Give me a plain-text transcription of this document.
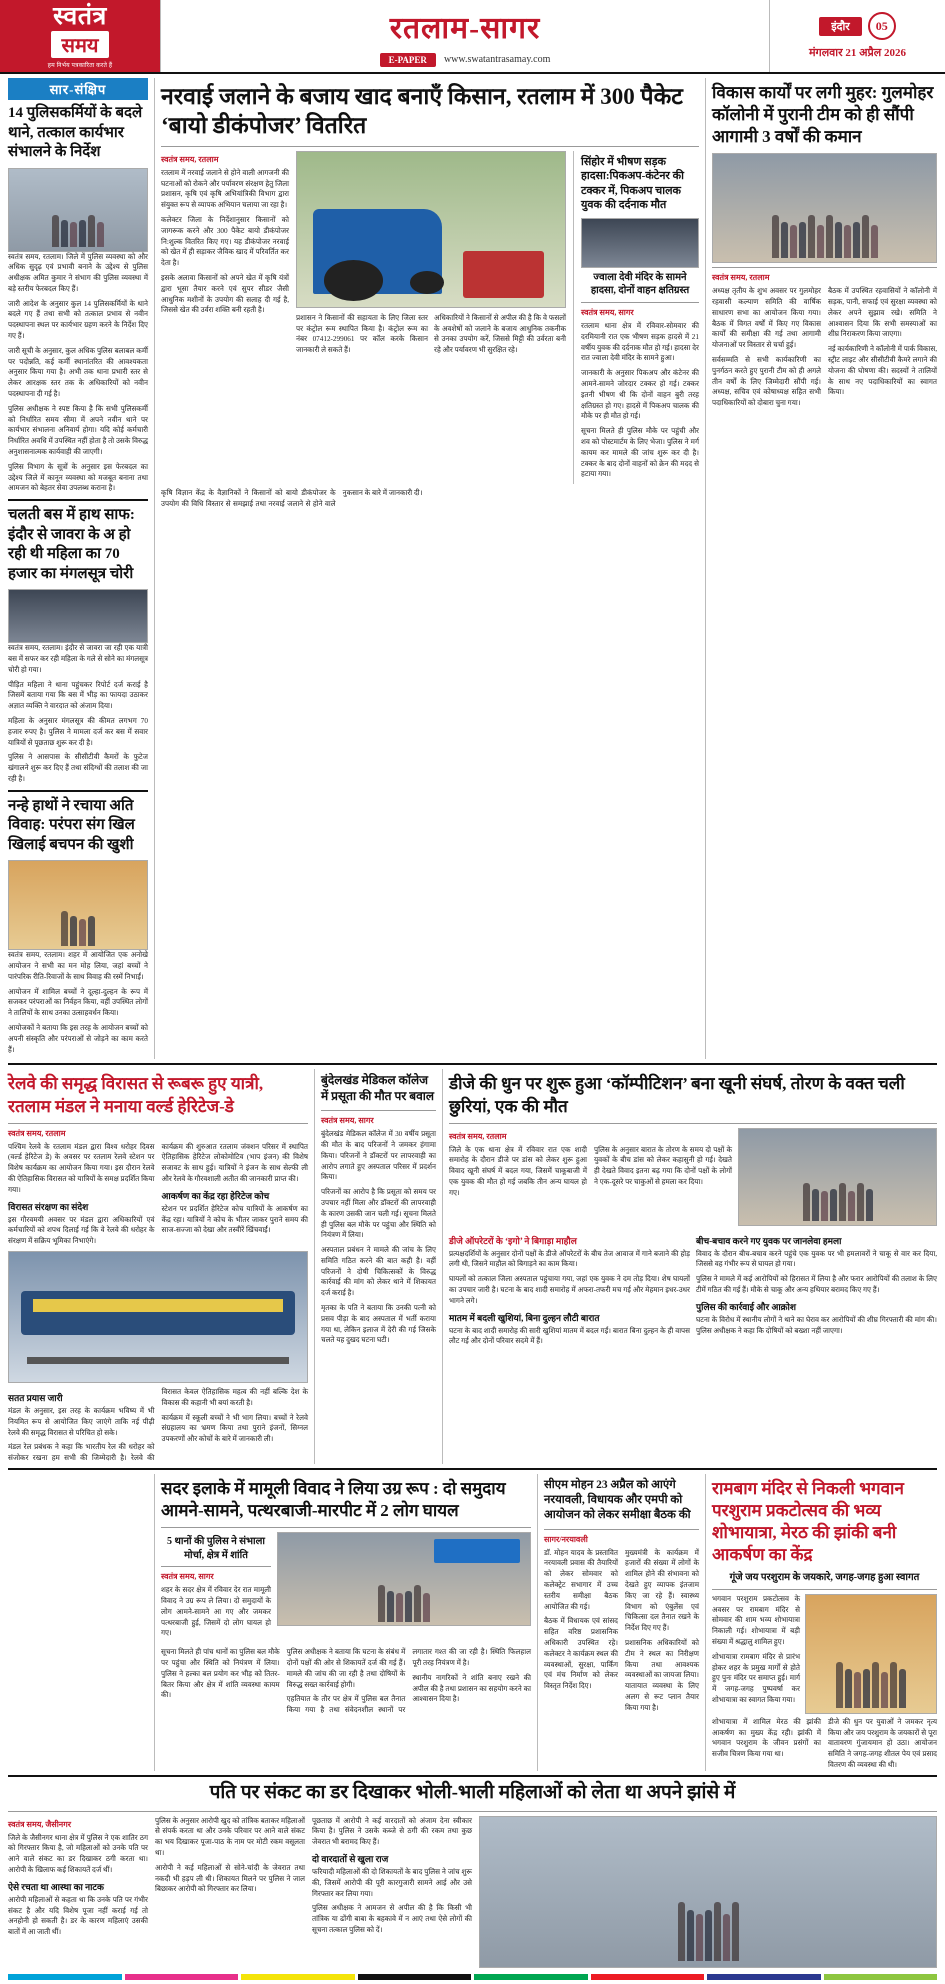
स्वतंत्र
समय
हम निर्भय पत्रकारिता करते हैं
रतलाम-सागर
E-PAPER	www.swatantrasamay.com
इंदौर	05
मंगलवार 21 अप्रैल 2026
सार-संक्षिप
14 पुलिसकर्मियों के बदले थाने, तत्काल कार्यभार संभालने के निर्देश

स्वतंत्र समय, रतलाम। जिले में पुलिस व्यवस्था को और अधिक सुदृढ़ एवं प्रभावी बनाने के उद्देश्य से पुलिस अधीक्षक अमित कुमार ने संभाग की पुलिस व्यवस्था में बड़े स्तरीय फेरबदल किए हैं।

जारी आदेश के अनुसार कुल 14 पुलिसकर्मियों के थाने बदले गए हैं तथा सभी को तत्काल प्रभाव से नवीन पदस्थापना स्थल पर कार्यभार ग्रहण करने के निर्देश दिए गए हैं।

जारी सूची के अनुसार, कुल अधिक पुलिस बलाबल कर्मी पर पदोन्नति, कई कर्मी स्थानांतरित की आवश्यकता अनुसार किया गया है। अभी तक थाना प्रभारी स्तर से लेकर आरक्षक स्तर तक के अधिकारियों को नवीन पदस्थापना दी गई है।

पुलिस अधीक्षक ने स्पष्ट किया है कि सभी पुलिसकर्मी को निर्धारित समय सीमा में अपने नवीन थाने पर कार्यभार संभालना अनिवार्य होगा। यदि कोई कर्मचारी निर्धारित अवधि में उपस्थित नहीं होता है तो उसके विरुद्ध अनुशासनात्मक कार्यवाही की जाएगी।

पुलिस विभाग के सूत्रों के अनुसार इस फेरबदल का उद्देश्य जिले में कानून व्यवस्था को मजबूत बनाना तथा आमजन को बेहतर सेवा उपलब्ध कराना है।

चलती बस में हाथ साफ: इंदौर से जावरा के अ हो रही थी महिला का 70 हजार का मंगलसूत्र चोरी

स्वतंत्र समय, रतलाम। इंदौर से जावरा जा रही एक यात्री बस में सफर कर रही महिला के गले से सोने का मंगलसूत्र चोरी हो गया।

पीड़ित महिला ने थाना पहुंचकर रिपोर्ट दर्ज कराई है जिसमें बताया गया कि बस में भीड़ का फायदा उठाकर अज्ञात व्यक्ति ने वारदात को अंजाम दिया।

महिला के अनुसार मंगलसूत्र की कीमत लगभग 70 हजार रुपए है। पुलिस ने मामला दर्ज कर बस में सवार यात्रियों से पूछताछ शुरू कर दी है।

पुलिस ने आसपास के सीसीटीवी कैमरों के फुटेज खंगालने शुरू कर दिए हैं तथा संदिग्धों की तलाश की जा रही है।

नन्हे हाथों ने रचाया अति विवाह: परंपरा संग खिल खिलाई बचपन की खुशी

स्वतंत्र समय, रतलाम। शहर में आयोजित एक अनोखे आयोजन ने सभी का मन मोह लिया, जहां बच्चों ने पारंपरिक रीति-रिवाजों के साथ विवाह की रस्में निभाईं।

आयोजन में शामिल बच्चों ने दूल्हा-दुल्हन के रूप में सजकर परंपराओं का निर्वहन किया, वहीं उपस्थित लोगों ने तालियों के साथ उनका उत्साहवर्धन किया।

आयोजकों ने बताया कि इस तरह के आयोजन बच्चों को अपनी संस्कृति और परंपराओं से जोड़ने का काम करते हैं।

नरवाई जलाने के बजाय खाद बनाएँ किसान, रतलाम में 300 पैकेट ‘बायो डीकंपोजर’ वितरित
स्वतंत्र समय, रतलाम

रतलाम में नरवाई जलाने से होने वाली आगजनी की घटनाओं को रोकने और पर्यावरण संरक्षण हेतु जिला प्रशासन, कृषि एवं कृषि अभियांत्रिकी विभाग द्वारा संयुक्त रूप से व्यापक अभियान चलाया जा रहा है।

कलेक्टर जिला के निर्देशानुसार किसानों को जागरूक करने और 300 पैकेट बायो डीकंपोजर नि:शुल्क वितरित किए गए। यह डीकंपोजर नरवाई को खेत में ही सड़ाकर जैविक खाद में परिवर्तित कर देता है।

इसके अलावा किसानों को अपने खेत में कृषि यंत्रों द्वारा भूसा तैयार करने एवं सुपर सीडर जैसी आधुनिक मशीनों के उपयोग की सलाह दी गई है, जिससे खेत की उर्वरा शक्ति बनी रहती है।

प्रशासन ने किसानों की सहायता के लिए जिला स्तर पर कंट्रोल रूम स्थापित किया है। कंट्रोल रूम का नंबर 07412-299061 पर कॉल करके किसान जानकारी ले सकते हैं।

अधिकारियों ने किसानों से अपील की है कि वे फसलों के अवशेषों को जलाने के बजाय आधुनिक तकनीक से उनका उपयोग करें, जिससे मिट्टी की उर्वरता बनी रहे और पर्यावरण भी सुरक्षित रहे।

सिंहोर में भीषण सड़क हादसा:पिकअप-कंटेनर की टक्कर में, पिकअप चालक युवक की दर्दनाक मौत
ज्वाला देवी मंदिर के सामने हादसा, दोनों वाहन क्षतिग्रस्त
स्वतंत्र समय, सागर

रतलाम थाना क्षेत्र में रविवार-सोमवार की दरमियानी रात एक भीषण सड़क हादसे में 21 वर्षीय युवक की दर्दनाक मौत हो गई। हादसा देर रात ज्वाला देवी मंदिर के सामने हुआ।

जानकारी के अनुसार पिकअप और कंटेनर की आमने-सामने जोरदार टक्कर हो गई। टक्कर इतनी भीषण थी कि दोनों वाहन बुरी तरह क्षतिग्रस्त हो गए। हादसे में पिकअप चालक की मौके पर ही मौत हो गई।

सूचना मिलते ही पुलिस मौके पर पहुंची और शव को पोस्टमार्टम के लिए भेजा। पुलिस ने मर्ग कायम कर मामले की जांच शुरू कर दी है। टक्कर के बाद दोनों वाहनों को क्रेन की मदद से हटाया गया।

कृषि विज्ञान केंद्र के वैज्ञानिकों ने किसानों को बायो डीकंपोजर के उपयोग की विधि विस्तार से समझाई तथा नरवाई जलाने से होने वाले नुकसान के बारे में जानकारी दी।

विकास कार्यों पर लगी मुहर: गुलमोहर कॉलोनी में पुरानी टीम को ही सौंपी आगामी 3 वर्षों की कमान
स्वतंत्र समय, रतलाम

अध्यक्ष तृतीय के शुभ अवसर पर गुलमोहर रहवासी कल्याण समिति की वार्षिक साधारण सभा का आयोजन किया गया। बैठक में विगत वर्षों में किए गए विकास कार्यों की समीक्षा की गई तथा आगामी योजनाओं पर विस्तार से चर्चा हुई।

सर्वसम्मति से सभी कार्यकारिणी का पुनर्गठन करते हुए पुरानी टीम को ही अगले तीन वर्षों के लिए जिम्मेदारी सौंपी गई। अध्यक्ष, सचिव एवं कोषाध्यक्ष सहित सभी पदाधिकारियों को दोबारा चुना गया।

बैठक में उपस्थित रहवासियों ने कॉलोनी में सड़क, पानी, सफाई एवं सुरक्षा व्यवस्था को लेकर अपने सुझाव रखे। समिति ने आश्वासन दिया कि सभी समस्याओं का शीघ्र निराकरण किया जाएगा।

नई कार्यकारिणी ने कॉलोनी में पार्क विकास, स्ट्रीट लाइट और सीसीटीवी कैमरे लगाने की योजना की घोषणा की। सदस्यों ने तालियों के साथ नए पदाधिकारियों का स्वागत किया।

रेलवे की समृद्ध विरासत से रूबरू हुए यात्री, रतलाम मंडल ने मनाया वर्ल्ड हेरिटेज-डे
स्वतंत्र समय, रतलाम

पश्चिम रेलवे के रतलाम मंडल द्वारा विश्व धरोहर दिवस (वर्ल्ड हेरिटेज डे) के अवसर पर रतलाम रेलवे स्टेशन पर विशेष कार्यक्रम का आयोजन किया गया। इस दौरान रेलवे की ऐतिहासिक विरासत को यात्रियों के समक्ष प्रदर्शित किया गया।

विरासत संरक्षण का संदेश

इस गौरवमयी अवसर पर मंडल द्वारा अधिकारियों एवं कर्मचारियों को शपथ दिलाई गई कि वे रेलवे की धरोहर के संरक्षण में सक्रिय भूमिका निभाएंगे।

कार्यक्रम की शुरुआत रतलाम जंक्शन परिसर में स्थापित ऐतिहासिक हेरिटेज लोकोमोटिव (भाप इंजन) की विशेष सजावट के साथ हुई। यात्रियों ने इंजन के साथ सेल्फी ली और रेलवे के गौरवशाली अतीत की जानकारी प्राप्त की।

आकर्षण का केंद्र रहा हेरिटेज कोच

स्टेशन पर प्रदर्शित हेरिटेज कोच यात्रियों के आकर्षण का केंद्र रहा। यात्रियों ने कोच के भीतर जाकर पुराने समय की साज-सज्जा को देखा और तस्वीरें खिंचवाईं।

सतत प्रयास जारी

मंडल के अनुसार, इस तरह के कार्यक्रम भविष्य में भी नियमित रूप से आयोजित किए जाएंगे ताकि नई पीढ़ी रेलवे की समृद्ध विरासत से परिचित हो सके।

मंडल रेल प्रबंधक ने कहा कि भारतीय रेल की धरोहर को संजोकर रखना हम सभी की जिम्मेदारी है। रेलवे की विरासत केवल ऐतिहासिक महत्व की नहीं बल्कि देश के विकास की कहानी भी बयां करती है।

कार्यक्रम में स्कूली बच्चों ने भी भाग लिया। बच्चों ने रेलवे संग्रहालय का भ्रमण किया तथा पुराने इंजनों, सिग्नल उपकरणों और कोचों के बारे में जानकारी ली।

बुंदेलखंड मेडिकल कॉलेज में प्रसूता की मौत पर बवाल
स्वतंत्र समय, सागर

बुंदेलखंड मेडिकल कॉलेज में 30 वर्षीय प्रसूता की मौत के बाद परिजनों ने जमकर हंगामा किया। परिजनों ने डॉक्टरों पर लापरवाही का आरोप लगाते हुए अस्पताल परिसर में प्रदर्शन किया।

परिजनों का आरोप है कि प्रसूता को समय पर उपचार नहीं मिला और डॉक्टरों की लापरवाही के कारण उसकी जान चली गई। सूचना मिलते ही पुलिस बल मौके पर पहुंचा और स्थिति को नियंत्रण में लिया।

अस्पताल प्रबंधन ने मामले की जांच के लिए समिति गठित करने की बात कही है। वहीं परिजनों ने दोषी चिकित्सकों के विरुद्ध कार्रवाई की मांग को लेकर थाने में शिकायत दर्ज कराई है।

मृतका के पति ने बताया कि उनकी पत्नी को प्रसव पीड़ा के बाद अस्पताल में भर्ती कराया गया था, लेकिन इलाज में देरी की गई जिसके चलते यह दुखद घटना घटी।

डीजे की धुन पर शुरू हुआ ‘कॉम्पीटिशन’ बना खूनी संघर्ष, तोरण के वक्त चली छुरियां, एक की मौत
स्वतंत्र समय, रतलाम

जिले के एक थाना क्षेत्र में रविवार रात एक शादी समारोह के दौरान डीजे पर डांस को लेकर शुरू हुआ विवाद खूनी संघर्ष में बदल गया, जिसमें चाकूबाजी में एक युवक की मौत हो गई जबकि तीन अन्य घायल हो गए।

पुलिस के अनुसार बारात के तोरण के समय दो पक्षों के युवकों के बीच डांस को लेकर कहासुनी हो गई। देखते ही देखते विवाद इतना बढ़ गया कि दोनों पक्षों के लोगों ने एक-दूसरे पर चाकुओं से हमला कर दिया।

डीजे ऑपरेटरों के ‘इगो’ ने बिगाड़ा माहौल

प्रत्यक्षदर्शियों के अनुसार दोनों पक्षों के डीजे ऑपरेटरों के बीच तेज आवाज में गाने बजाने की होड़ लगी थी, जिसने माहौल को बिगाड़ने का काम किया।

घायलों को तत्काल जिला अस्पताल पहुंचाया गया, जहां एक युवक ने दम तोड़ दिया। शेष घायलों का उपचार जारी है। घटना के बाद शादी समारोह में अफरा-तफरी मच गई और मेहमान इधर-उधर भागने लगे।

मातम में बदली खुशियां, बिना दुल्हन लौटी बारात

घटना के बाद शादी समारोह की सारी खुशियां मातम में बदल गईं। बारात बिना दुल्हन के ही वापस लौट गई और दोनों परिवार सदमे में हैं।

बीच-बचाव करने गए युवक पर जानलेवा हमला

विवाद के दौरान बीच-बचाव करने पहुंचे एक युवक पर भी हमलावरों ने चाकू से वार कर दिया, जिससे वह गंभीर रूप से घायल हो गया।

पुलिस ने मामले में कई आरोपियों को हिरासत में लिया है और फरार आरोपियों की तलाश के लिए टीमें गठित की गई हैं। मौके से चाकू और अन्य हथियार बरामद किए गए हैं।

पुलिस की कार्रवाई और आक्रोश

घटना के विरोध में स्थानीय लोगों ने थाने का घेराव कर आरोपियों की शीघ्र गिरफ्तारी की मांग की। पुलिस अधीक्षक ने कहा कि दोषियों को बख्शा नहीं जाएगा।

सदर इलाके में मामूली विवाद ने लिया उग्र रूप : दो समुदाय आमने-सामने, पत्थरबाजी-मारपीट में 2 लोग घायल
5 थानों की पुलिस ने संभाला मोर्चा, क्षेत्र में शांति
स्वतंत्र समय, सागर

शहर के सदर क्षेत्र में रविवार देर रात मामूली विवाद ने उग्र रूप ले लिया। दो समुदायों के लोग आमने-सामने आ गए और जमकर पत्थरबाजी हुई, जिसमें दो लोग घायल हो गए।

सूचना मिलते ही पांच थानों का पुलिस बल मौके पर पहुंचा और स्थिति को नियंत्रण में लिया। पुलिस ने हल्का बल प्रयोग कर भीड़ को तितर-बितर किया और क्षेत्र में शांति व्यवस्था कायम की।

पुलिस अधीक्षक ने बताया कि घटना के संबंध में दोनों पक्षों की ओर से शिकायतें दर्ज की गई हैं। मामले की जांच की जा रही है तथा दोषियों के विरुद्ध सख्त कार्रवाई होगी।

एहतियात के तौर पर क्षेत्र में पुलिस बल तैनात किया गया है तथा संवेदनशील स्थानों पर लगातार गश्त की जा रही है। स्थिति फिलहाल पूरी तरह नियंत्रण में है।

स्थानीय नागरिकों ने शांति बनाए रखने की अपील की है तथा प्रशासन का सहयोग करने का आश्वासन दिया है।

सीएम मोहन 23 अप्रैल को आएंगे नरयावली, विधायक और एमपी को आयोजन को लेकर समीक्षा बैठक की
सागर/नरयावली

डॉ. मोहन यादव के प्रस्तावित नरयावली प्रवास की तैयारियों को लेकर सोमवार को कलेक्ट्रेट सभागार में उच्च स्तरीय समीक्षा बैठक आयोजित की गई।

बैठक में विधायक एवं सांसद सहित वरिष्ठ प्रशासनिक अधिकारी उपस्थित रहे। कलेक्टर ने कार्यक्रम स्थल की व्यवस्थाओं, सुरक्षा, पार्किंग एवं मंच निर्माण को लेकर विस्तृत निर्देश दिए।

मुख्यमंत्री के कार्यक्रम में हजारों की संख्या में लोगों के शामिल होने की संभावना को देखते हुए व्यापक इंतजाम किए जा रहे हैं। स्वास्थ्य विभाग को एंबुलेंस एवं चिकित्सा दल तैनात रखने के निर्देश दिए गए हैं।

प्रशासनिक अधिकारियों को टीम ने स्थल का निरीक्षण किया तथा आवश्यक व्यवस्थाओं का जायजा लिया। यातायात व्यवस्था के लिए अलग से रूट प्लान तैयार किया गया है।

रामबाग मंदिर से निकली भगवान परशुराम प्रकटोत्सव की भव्य शोभायात्रा, मेरठ की झांकी बनी आकर्षण का केंद्र
गूंजे जय परशुराम के जयकारे, जगह-जगह हुआ स्वागत

भगवान परशुराम प्रकटोत्सव के अवसर पर रामबाग मंदिर से सोमवार की शाम भव्य शोभायात्रा निकाली गई। शोभायात्रा में बड़ी संख्या में श्रद्धालु शामिल हुए।

शोभायात्रा रामबाग मंदिर से प्रारंभ होकर शहर के प्रमुख मार्गों से होते हुए पुनः मंदिर पर समाप्त हुई। मार्ग में जगह-जगह पुष्पवर्षा कर शोभायात्रा का स्वागत किया गया।

शोभायात्रा में शामिल मेरठ की झांकी आकर्षण का मुख्य केंद्र रही। झांकी में भगवान परशुराम के जीवन प्रसंगों का सजीव चित्रण किया गया था।

डीजे की धुन पर युवाओं ने जमकर नृत्य किया और जय परशुराम के जयकारों से पूरा वातावरण गुंजायमान हो उठा। आयोजन समिति ने जगह-जगह शीतल पेय एवं प्रसाद वितरण की व्यवस्था की थी।

पति पर संकट का डर दिखाकर भोली-भाली महिलाओं को लेता था अपने झांसे में
स्वतंत्र समय, जैसीनगर

जिले के जैसीनगर थाना क्षेत्र में पुलिस ने एक शातिर ठग को गिरफ्तार किया है, जो महिलाओं को उनके पति पर आने वाले संकट का डर दिखाकर ठगी करता था। आरोपी के खिलाफ कई शिकायतें दर्ज थीं।

ऐसे रचता था आस्था का नाटक

आरोपी महिलाओं से कहता था कि उनके पति पर गंभीर संकट है और यदि विशेष पूजा नहीं कराई गई तो अनहोनी हो सकती है। डर के कारण महिलाएं उसकी बातों में आ जाती थीं।

पुलिस के अनुसार आरोपी खुद को तांत्रिक बताकर महिलाओं से संपर्क करता था और उनके परिवार पर आने वाले संकट का भय दिखाकर पूजा-पाठ के नाम पर मोटी रकम वसूलता था।

आरोपी ने कई महिलाओं से सोने-चांदी के जेवरात तथा नकदी भी हड़प ली थी। शिकायत मिलने पर पुलिस ने जाल बिछाकर आरोपी को गिरफ्तार कर लिया।

पूछताछ में आरोपी ने कई वारदातों को अंजाम देना स्वीकार किया है। पुलिस ने उसके कब्जे से ठगी की रकम तथा कुछ जेवरात भी बरामद किए हैं।

दो वारदातों से खुला राज

फरियादी महिलाओं की दो शिकायतों के बाद पुलिस ने जांच शुरू की, जिसमें आरोपी की पूरी कारगुजारी सामने आई और उसे गिरफ्तार कर लिया गया।

पुलिस अधीक्षक ने आमजन से अपील की है कि किसी भी तांत्रिक या ढोंगी बाबा के बहकावे में न आएं तथा ऐसे लोगों की सूचना तत्काल पुलिस को दें।
